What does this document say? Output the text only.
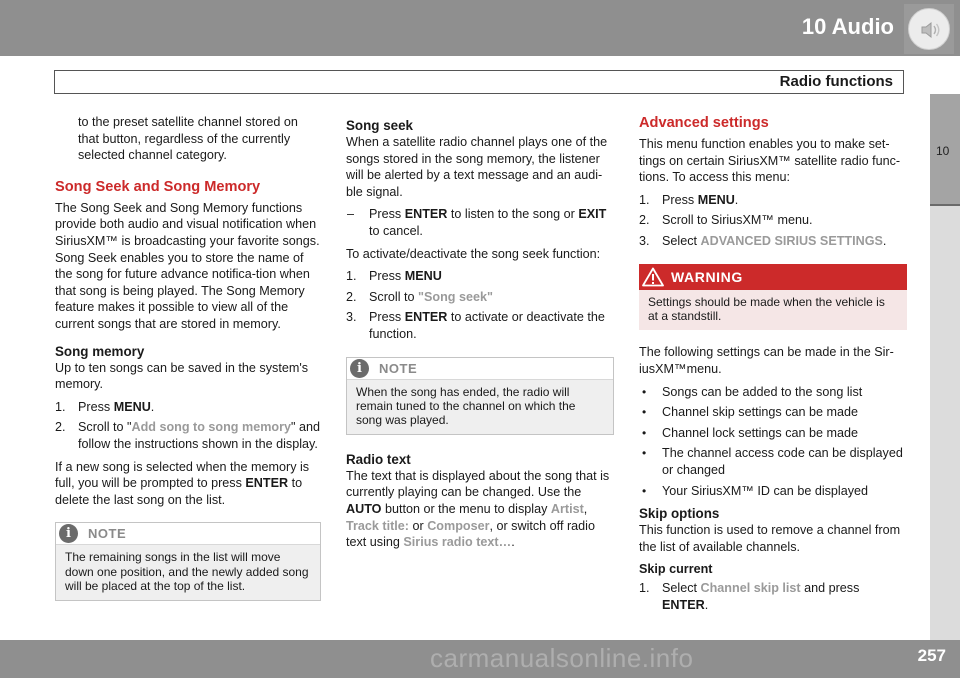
10 Audio
Radio functions
10

to the preset satellite channel stored on that button, regardless of the currently selected channel category.

Song Seek and Song Memory

The Song Seek and Song Memory functions provide both audio and visual notification when SiriusXM™ is broadcasting your favorite songs. Song Seek enables you to store the name of the song for future advance notifica-tion when that song is being played. The Song Memory feature makes it possible to view all of the current songs that are stored in memory.

Song memory

Up to ten songs can be saved in the system's memory.

1. Press MENU.
2. Scroll to "Add song to song memory" and follow the instructions shown in the display.

If a new song is selected when the memory is full, you will be prompted to press ENTER to delete the last song on the list.

i	NOTE
The remaining songs in the list will move down one position, and the newly added song will be placed at the top of the list.
Song seek

When a satellite radio channel plays one of the songs stored in the song memory, the listener will be alerted by a text message and an audi-ble signal.

– Press ENTER to listen to the song or EXIT to cancel.

To activate/deactivate the song seek function:

1. Press MENU
2. Scroll to "Song seek"
3. Press ENTER to activate or deactivate the function.
i	NOTE
When the song has ended, the radio will remain tuned to the channel on which the song was played.
Radio text

The text that is displayed about the song that is currently playing can be changed. Use the AUTO button or the menu to display Artist, Track title: or Composer, or switch off radio text using Sirius radio text….

Advanced settings

This menu function enables you to make set-tings on certain SiriusXM™ satellite radio func-tions. To access this menu:

1. Press MENU.
2. Scroll to SiriusXM™ menu.
3. Select ADVANCED SIRIUS SETTINGS.
WARNING
Settings should be made when the vehicle is at a standstill.

The following settings can be made in the Sir-iusXM™menu.

• Songs can be added to the song list
• Channel skip settings can be made
• Channel lock settings can be made
• The channel access code can be displayed or changed
• Your SiriusXM™ ID can be displayed
Skip options

This function is used to remove a channel from the list of available channels.

Skip current
1. Select Channel skip list and press ENTER.
carmanualsonline.info	257
